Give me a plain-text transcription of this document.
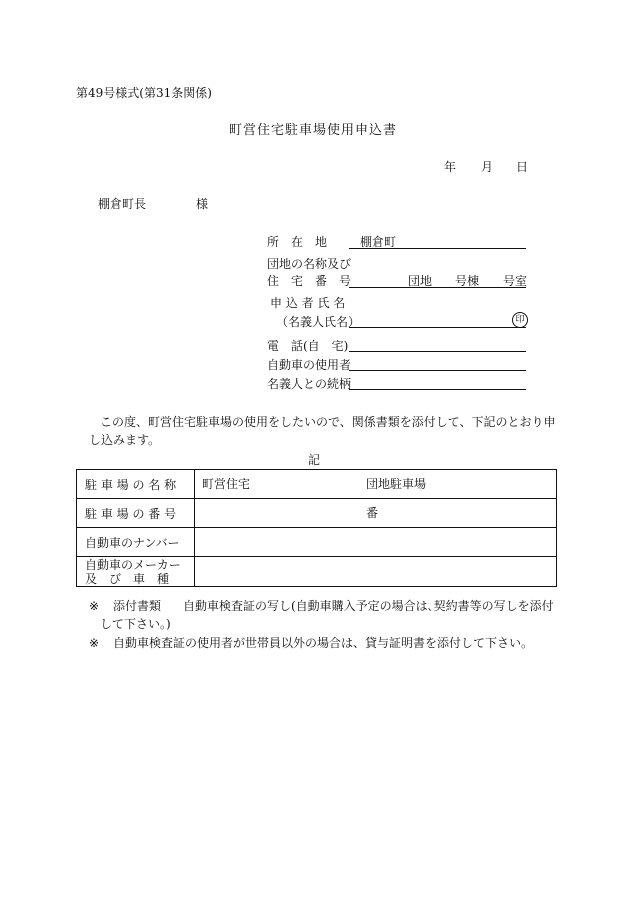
第49号様式(第31条関係)
町営住宅駐車場使用申込書
年 月 日
棚倉町長	様
所　在　地	棚倉町
団地の名称及び
住　宅　番　号	団地 号棟 号室
申 込 者 氏 名
（名義人氏名）	印
電　話(自　宅)
自動車の使用者
名義人との続柄
この度、町営住宅駐車場の使用をしたいので、関係書類を添付して、下記のとおり申
し込みます。
記
駐 車 場 の 名 称	町営住宅 団地駐車場

駐 車 場 の 番 号	番

自動車のナンバー	

自動車のメーカー
及　び　車　種	

※ 添付書類 自動車検査証の写し(自動車購入予定の場合は､契約書等の写しを添付
して下さい。)
※ 自動車検査証の使用者が世帯員以外の場合は、貸与証明書を添付して下さい。
